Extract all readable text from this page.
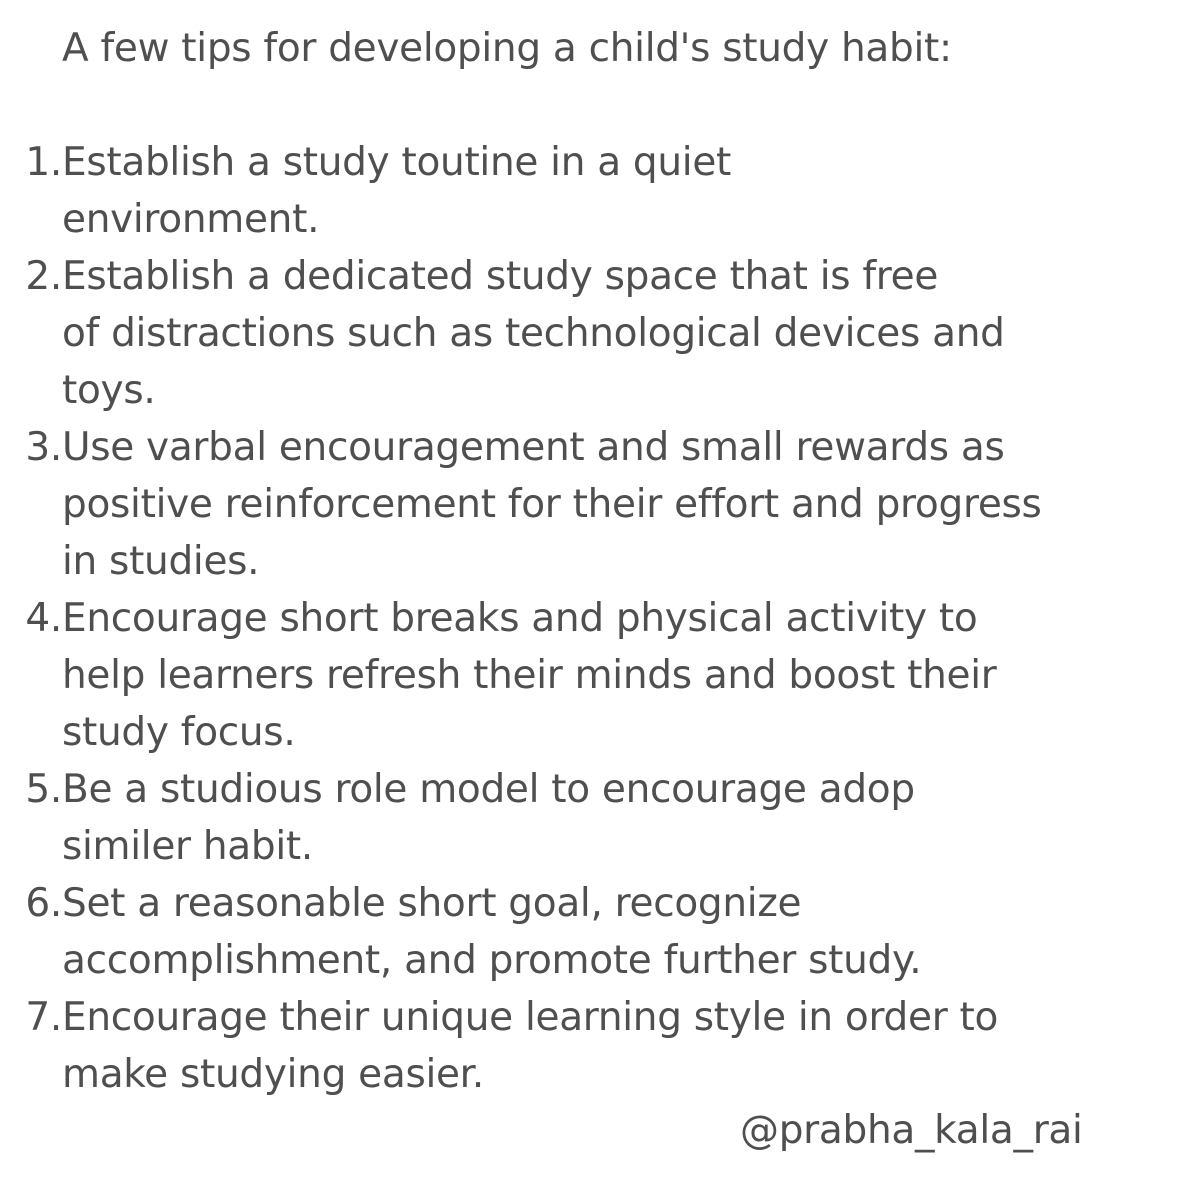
A few tips for developing a child's study habit:
1. Establish a study toutine in a quiet
environment.
2. Establish a dedicated study space that is free
of distractions such as technological devices and
toys.
3. Use varbal encouragement and small rewards as
positive reinforcement for their effort and progress
in studies.
4. Encourage short breaks and physical activity to
help learners refresh their minds and boost their
study focus.
5. Be a studious role model to encourage adop
similer habit.
6. Set a reasonable short goal, recognize
accomplishment, and promote further study.
7. Encourage their unique learning style in order to
make studying easier.
@prabha_kala_rai
